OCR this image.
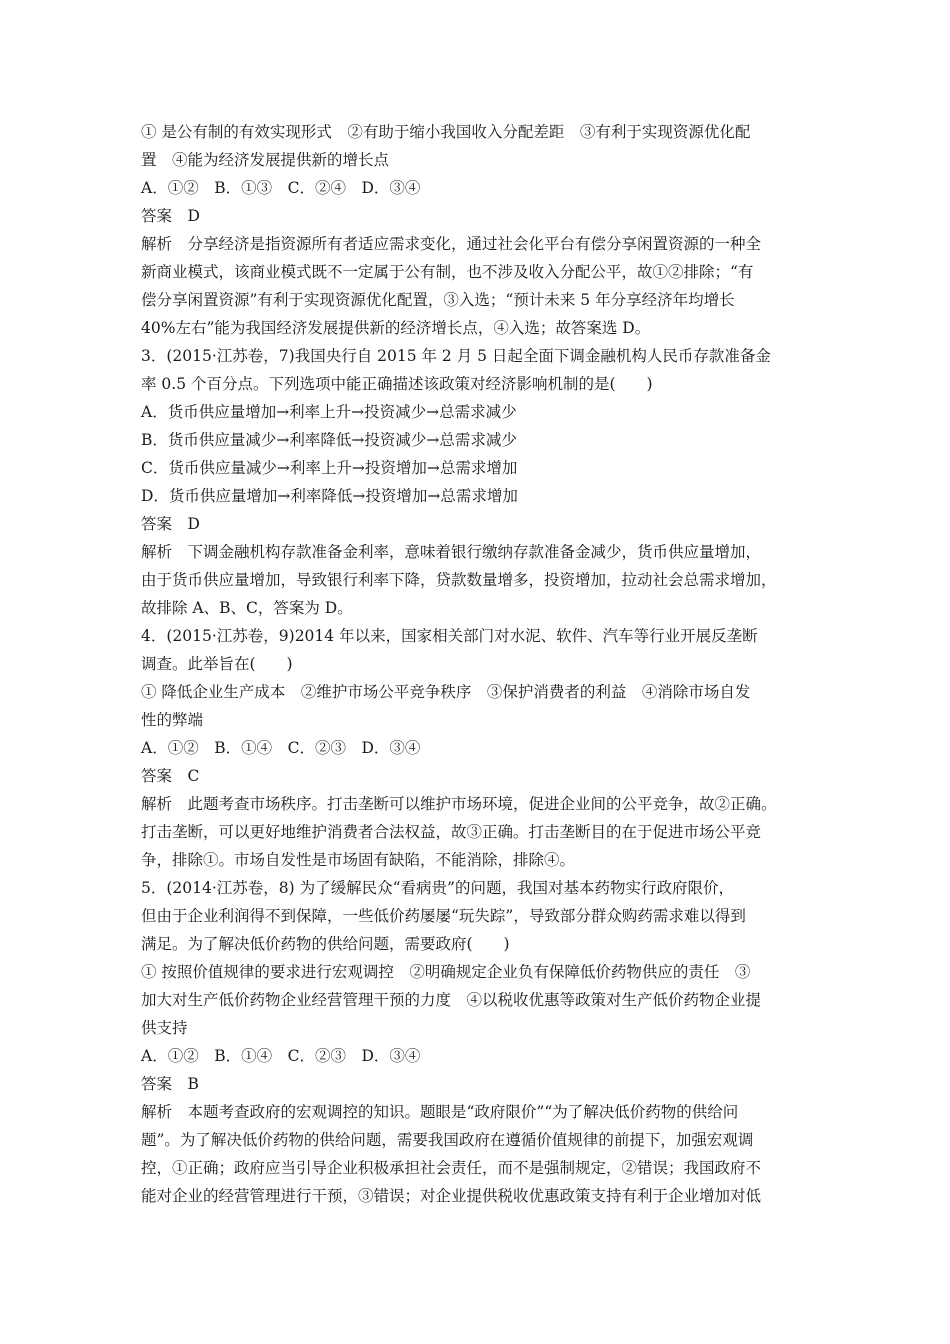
① 是公有制的有效实现形式　②有助于缩小我国收入分配差距　③有利于实现资源优化配
置　④能为经济发展提供新的增长点
A．①②　B．①③　C．②④　D．③④
答案　D
解析　分享经济是指资源所有者适应需求变化，通过社会化平台有偿分享闲置资源的一种全
新商业模式，该商业模式既不一定属于公有制，也不涉及收入分配公平，故①②排除；“有
偿分享闲置资源”有利于实现资源优化配置，③入选；“预计未来 5 年分享经济年均增长
40%左右”能为我国经济发展提供新的经济增长点，④入选；故答案选 D。
3．(2015·江苏卷，7)我国央行自 2015 年 2 月 5 日起全面下调金融机构人民币存款准备金
率 0.5 个百分点。下列选项中能正确描述该政策对经济影响机制的是(　　)
A．货币供应量增加→利率上升→投资减少→总需求减少
B．货币供应量减少→利率降低→投资减少→总需求减少
C．货币供应量减少→利率上升→投资增加→总需求增加
D．货币供应量增加→利率降低→投资增加→总需求增加
答案　D
解析　下调金融机构存款准备金利率，意味着银行缴纳存款准备金减少，货币供应量增加，
由于货币供应量增加，导致银行利率下降，贷款数量增多，投资增加，拉动社会总需求增加，
故排除 A、B、C，答案为 D。
4．(2015·江苏卷，9)2014 年以来，国家相关部门对水泥、软件、汽车等行业开展反垄断
调查。此举旨在(　　)
① 降低企业生产成本　②维护市场公平竞争秩序　③保护消费者的利益　④消除市场自发
性的弊端
A．①②　B．①④　C．②③　D．③④
答案　C
解析　此题考查市场秩序。打击垄断可以维护市场环境，促进企业间的公平竞争，故②正确。
打击垄断，可以更好地维护消费者合法权益，故③正确。打击垄断目的在于促进市场公平竞
争，排除①。市场自发性是市场固有缺陷，不能消除，排除④。
5．(2014·江苏卷，8) 为了缓解民众“看病贵”的问题，我国对基本药物实行政府限价，
但由于企业利润得不到保障，一些低价药屡屡“玩失踪”，导致部分群众购药需求难以得到
满足。为了解决低价药物的供给问题，需要政府(　　)
① 按照价值规律的要求进行宏观调控　②明确规定企业负有保障低价药物供应的责任　③
加大对生产低价药物企业经营管理干预的力度　④以税收优惠等政策对生产低价药物企业提
供支持
A．①②　B．①④　C．②③　D．③④
答案　B
解析　本题考查政府的宏观调控的知识。题眼是“政府限价”“为了解决低价药物的供给问
题”。为了解决低价药物的供给问题，需要我国政府在遵循价值规律的前提下，加强宏观调
控，①正确；政府应当引导企业积极承担社会责任，而不是强制规定，②错误；我国政府不
能对企业的经营管理进行干预，③错误；对企业提供税收优惠政策支持有利于企业增加对低
